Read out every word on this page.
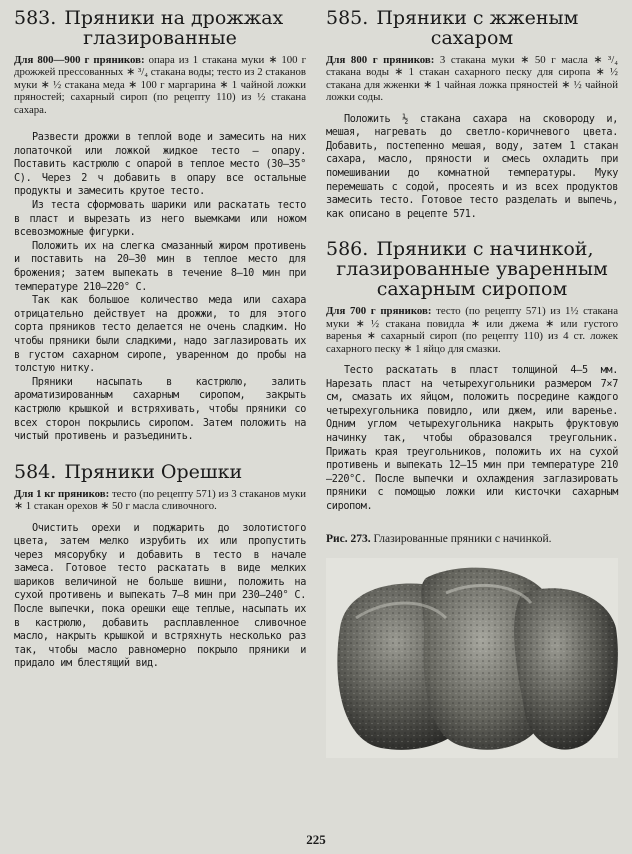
583. Пряники на дрожжах
глазированные

Для 800—900 г пряников: опара из 1 стакана муки ∗ 100 г дрожжей прессованных ∗ ³/₄ стакана воды; тесто из 2 стаканов муки ∗ ½ стакана меда ∗ 100 г маргарина ∗ 1 чайной ложки пряностей; сахарный сироп (по рецепту 110) из ½ стакана сахара.

Развести дрожжи в теплой воде и замесить на них лопаточкой или ложкой жидкое тесто — опару. Поставить кастрюлю с опарой в теплое место (30—35° С). Через 2 ч добавить в опару все остальные продукты и замесить крутое тесто.

Из теста сформовать шарики или раскатать тесто в пласт и вырезать из него выемками или ножом всевозможные фигурки.

Положить их на слегка смазанный жиром противень и поставить на 20—30 мин в теплое место для брожения; затем выпекать в течение 8—10 мин при температуре 210—220° С.

Так как большое количество меда или сахара отрицательно действует на дрожжи, то для этого сорта пряников тесто делается не очень сладким. Но чтобы пряники были сладкими, надо заглазировать их в густом сахарном сиропе, уваренном до пробы на толстую нитку.

Пряники насыпать в кастрюлю, залить ароматизированным сахарным сиропом, закрыть кастрюлю крышкой и встряхивать, чтобы пряники со всех сторон покрылись сиропом. Затем положить на чистый противень и разъединить.

584. Пряники Орешки

Для 1 кг пряников: тесто (по рецепту 571) из 3 стаканов муки ∗ 1 стакан орехов ∗ 50 г масла сливочного.

Очистить орехи и поджарить до золотистого цвета, затем мелко изрубить их или пропустить через мясорубку и добавить в тесто в начале замеса. Готовое тесто раскатать в виде мелких шариков величиной не больше вишни, положить на сухой противень и выпекать 7—8 мин при 230—240° С. После выпечки, пока орешки еще теплые, насыпать их в кастрюлю, добавить расплавленное сливочное масло, накрыть крышкой и встряхнуть несколько раз так, чтобы масло равномерно покрыло пряники и придало им блестящий вид.

585. Пряники с жженым
сахаром

Для 800 г пряников: 3 стакана муки ∗ 50 г масла ∗ ³/₄ стакана воды ∗ 1 стакан сахарного песку для сиропа ∗ ½ стакана для жженки ∗ 1 чайная ложка пряностей ∗ ½ чайной ложки соды.

Положить ½ стакана сахара на сковороду и, мешая, нагревать до светло-коричневого цвета. Добавить, постепенно мешая, воду, затем 1 стакан сахара, масло, пряности и смесь охладить при помешивании до комнатной температуры. Муку перемешать с содой, просеять и из всех продуктов замесить тесто. Готовое тесто разделать и выпечь, как описано в рецепте 571.

586. Пряники с начинкой,
глазированные уваренным
сахарным сиропом

Для 700 г пряников: тесто (по рецепту 571) из 1½ стакана муки ∗ ½ стакана повидла ∗ или джема ∗ или густого варенья ∗ сахарный сироп (по рецепту 110) из 4 ст. ложек сахарного песку ∗ 1 яйцо для смазки.

Тесто раскатать в пласт толщиной 4—5 мм. Нарезать пласт на четырехугольники размером 7×7 см, смазать их яйцом, положить посредине каждого четырехугольника повидло, или джем, или варенье. Одним углом четырехугольника накрыть фруктовую начинку так, чтобы образовался треугольник. Прижать края треугольников, положить их на сухой противень и выпекать 12—15 мин при температуре 210—220°С. После выпечки и охлаждения заглазировать пряники с помощью ложки или кисточки сахарным сиропом.

Рис. 273. Глазированные пряники с начинкой.

225
